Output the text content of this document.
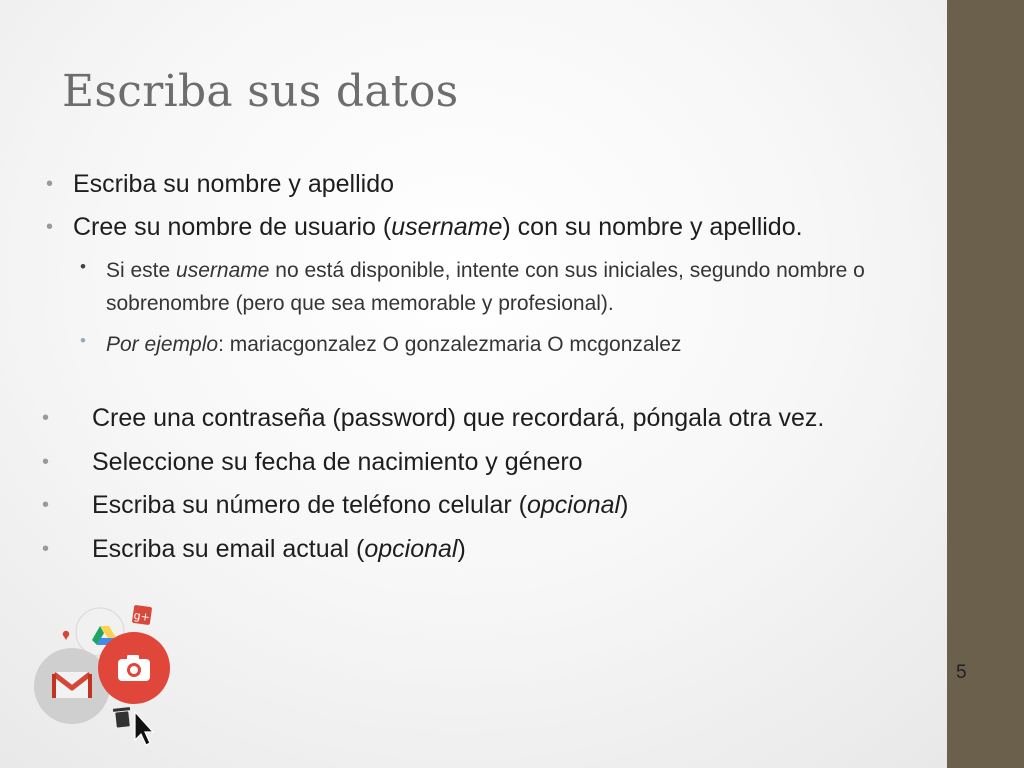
Escriba sus datos
• Escriba su nombre y apellido
• Cree su nombre de usuario (username) con su nombre y apellido.
• Si este username no está disponible, intente con sus iniciales, segundo nombre o sobrenombre (pero que sea memorable y profesional).
• Por ejemplo: mariacgonzalez O gonzalezmaria O mcgonzalez
• Cree una contraseña (password) que recordará, póngala otra vez.
• Seleccione su fecha de nacimiento y género
• Escriba su número de teléfono celular (opcional)
• Escriba su email actual (opcional)
g+
5
